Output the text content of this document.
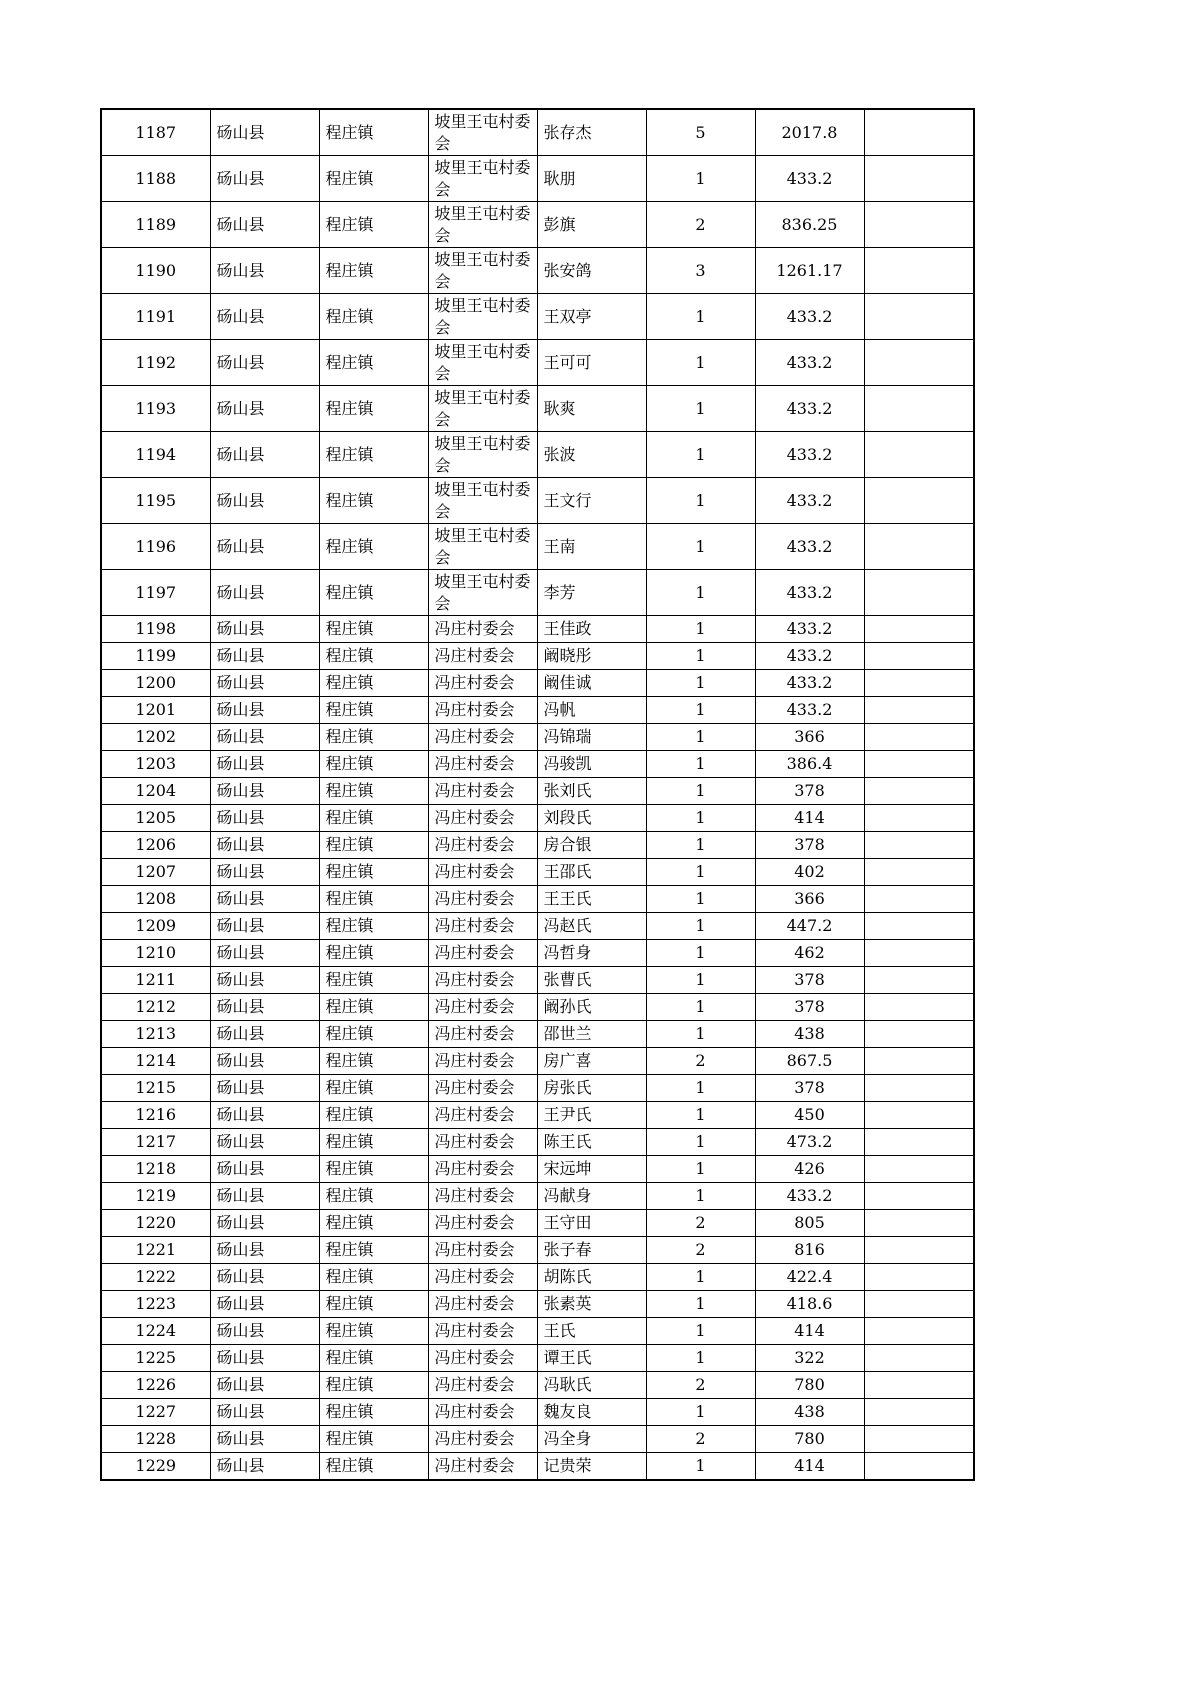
1187	砀山县	程庄镇	坡里王屯村委会	张存杰	5	2017.8	
1188	砀山县	程庄镇	坡里王屯村委会	耿朋	1	433.2	
1189	砀山县	程庄镇	坡里王屯村委会	彭旗	2	836.25	
1190	砀山县	程庄镇	坡里王屯村委会	张安鸽	3	1261.17	
1191	砀山县	程庄镇	坡里王屯村委会	王双亭	1	433.2	
1192	砀山县	程庄镇	坡里王屯村委会	王可可	1	433.2	
1193	砀山县	程庄镇	坡里王屯村委会	耿爽	1	433.2	
1194	砀山县	程庄镇	坡里王屯村委会	张波	1	433.2	
1195	砀山县	程庄镇	坡里王屯村委会	王文行	1	433.2	
1196	砀山县	程庄镇	坡里王屯村委会	王南	1	433.2	
1197	砀山县	程庄镇	坡里王屯村委会	李芳	1	433.2	
1198	砀山县	程庄镇	冯庄村委会	王佳政	1	433.2	
1199	砀山县	程庄镇	冯庄村委会	阚晓彤	1	433.2	
1200	砀山县	程庄镇	冯庄村委会	阚佳诚	1	433.2	
1201	砀山县	程庄镇	冯庄村委会	冯帆	1	433.2	
1202	砀山县	程庄镇	冯庄村委会	冯锦瑞	1	366	
1203	砀山县	程庄镇	冯庄村委会	冯骏凯	1	386.4	
1204	砀山县	程庄镇	冯庄村委会	张刘氏	1	378	
1205	砀山县	程庄镇	冯庄村委会	刘段氏	1	414	
1206	砀山县	程庄镇	冯庄村委会	房合银	1	378	
1207	砀山县	程庄镇	冯庄村委会	王邵氏	1	402	
1208	砀山县	程庄镇	冯庄村委会	王王氏	1	366	
1209	砀山县	程庄镇	冯庄村委会	冯赵氏	1	447.2	
1210	砀山县	程庄镇	冯庄村委会	冯哲身	1	462	
1211	砀山县	程庄镇	冯庄村委会	张曹氏	1	378	
1212	砀山县	程庄镇	冯庄村委会	阚孙氏	1	378	
1213	砀山县	程庄镇	冯庄村委会	邵世兰	1	438	
1214	砀山县	程庄镇	冯庄村委会	房广喜	2	867.5	
1215	砀山县	程庄镇	冯庄村委会	房张氏	1	378	
1216	砀山县	程庄镇	冯庄村委会	王尹氏	1	450	
1217	砀山县	程庄镇	冯庄村委会	陈王氏	1	473.2	
1218	砀山县	程庄镇	冯庄村委会	宋远坤	1	426	
1219	砀山县	程庄镇	冯庄村委会	冯献身	1	433.2	
1220	砀山县	程庄镇	冯庄村委会	王守田	2	805	
1221	砀山县	程庄镇	冯庄村委会	张子春	2	816	
1222	砀山县	程庄镇	冯庄村委会	胡陈氏	1	422.4	
1223	砀山县	程庄镇	冯庄村委会	张素英	1	418.6	
1224	砀山县	程庄镇	冯庄村委会	王氏	1	414	
1225	砀山县	程庄镇	冯庄村委会	谭王氏	1	322	
1226	砀山县	程庄镇	冯庄村委会	冯耿氏	2	780	
1227	砀山县	程庄镇	冯庄村委会	魏友良	1	438	
1228	砀山县	程庄镇	冯庄村委会	冯全身	2	780	
1229	砀山县	程庄镇	冯庄村委会	记贵荣	1	414	
